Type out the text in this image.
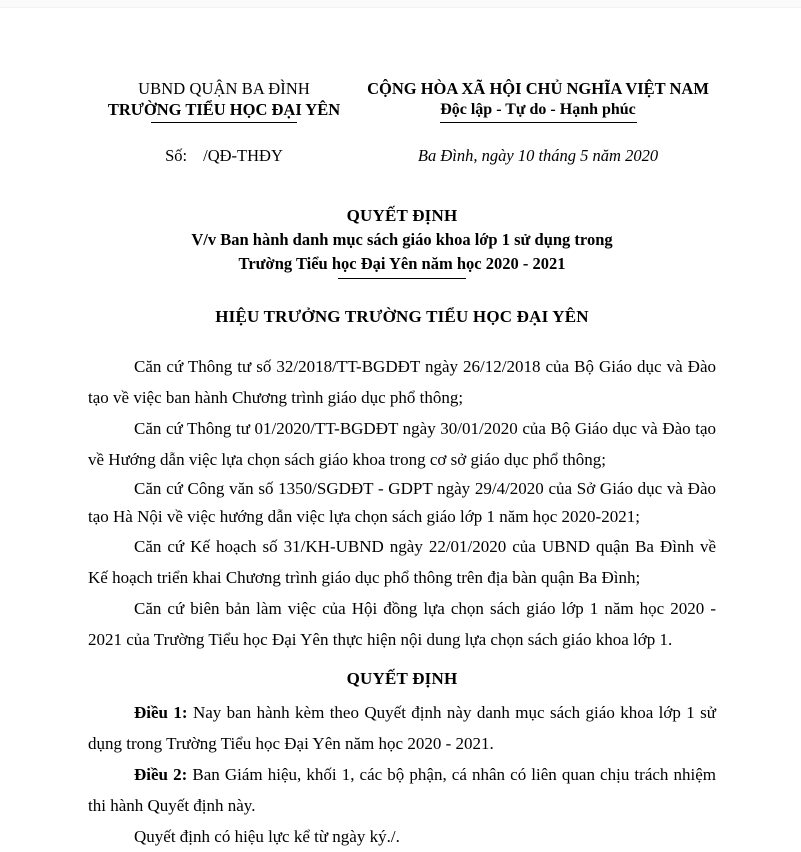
UBND QUẬN BA ĐÌNH
TRƯỜNG TIỂU HỌC ĐẠI YÊN
CỘNG HÒA XÃ HỘI CHỦ NGHĨA VIỆT NAM
Độc lập - Tự do - Hạnh phúc
Số: /QĐ-THĐY	Ba Đình, ngày 10 tháng 5 năm 2020
QUYẾT ĐỊNH
V/v Ban hành danh mục sách giáo khoa lớp 1 sử dụng trong
Trường Tiểu học Đại Yên năm học 2020 - 2021
HIỆU TRƯỞNG TRƯỜNG TIỂU HỌC ĐẠI YÊN

Căn cứ Thông tư số 32/2018/TT-BGDĐT ngày 26/12/2018 của Bộ Giáo dục và Đào tạo về việc ban hành Chương trình giáo dục phổ thông;

Căn cứ Thông tư 01/2020/TT-BGDĐT ngày 30/01/2020 của Bộ Giáo dục và Đào tạo về Hướng dẫn việc lựa chọn sách giáo khoa trong cơ sở giáo dục phổ thông;

Căn cứ Công văn số 1350/SGDĐT - GDPT ngày 29/4/2020 của Sở Giáo dục và Đào tạo Hà Nội về việc hướng dẫn việc lựa chọn sách giáo lớp 1 năm học 2020-2021;

Căn cứ Kế hoạch số 31/KH-UBND ngày 22/01/2020 của UBND quận Ba Đình về Kế hoạch triển khai Chương trình giáo dục phổ thông trên địa bàn quận Ba Đình;

Căn cứ biên bản làm việc của Hội đồng lựa chọn sách giáo lớp 1 năm học 2020 - 2021 của Trường Tiểu học Đại Yên thực hiện nội dung lựa chọn sách giáo khoa lớp 1.

QUYẾT ĐỊNH

Điều 1: Nay ban hành kèm theo Quyết định này danh mục sách giáo khoa lớp 1 sử dụng trong Trường Tiểu học Đại Yên năm học 2020 - 2021.

Điều 2: Ban Giám hiệu, khối 1, các bộ phận, cá nhân có liên quan chịu trách nhiệm thi hành Quyết định này.

Quyết định có hiệu lực kể từ ngày ký./.
